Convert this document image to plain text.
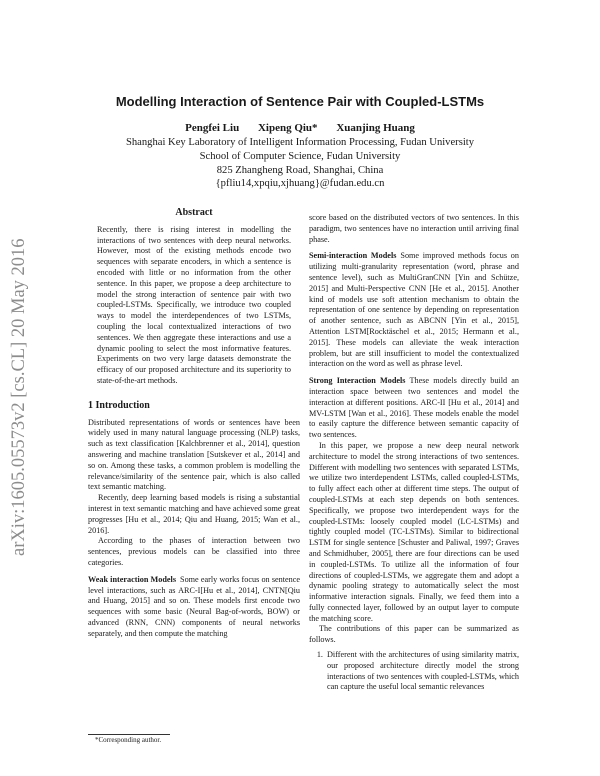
arXiv:1605.05573v2 [cs.CL] 20 May 2016
Modelling Interaction of Sentence Pair with Coupled-LSTMs
Pengfei Liu Xipeng Qiu* Xuanjing Huang
Shanghai Key Laboratory of Intelligent Information Processing, Fudan University
School of Computer Science, Fudan University
825 Zhangheng Road, Shanghai, China
{pfliu14,xpqiu,xjhuang}@fudan.edu.cn
Abstract

Recently, there is rising interest in modelling the interactions of two sentences with deep neural networks. However, most of the existing methods encode two sequences with separate encoders, in which a sentence is encoded with little or no information from the other sentence. In this paper, we propose a deep architecture to model the strong interaction of sentence pair with two coupled-LSTMs. Specifically, we introduce two coupled ways to model the interdependences of two LSTMs, coupling the local contextualized interactions of two sentences. We then aggregate these interactions and use a dynamic pooling to select the most informative features. Experiments on two very large datasets demonstrate the efficacy of our proposed architecture and its superiority to state-of-the-art methods.

1 Introduction

Distributed representations of words or sentences have been widely used in many natural language processing (NLP) tasks, such as text classification [Kalchbrenner et al., 2014], question answering and machine translation [Sutskever et al., 2014] and so on. Among these tasks, a common problem is modelling the relevance/similarity of the sentence pair, which is also called text semantic matching.

Recently, deep learning based models is rising a substantial interest in text semantic matching and have achieved some great progresses [Hu et al., 2014; Qiu and Huang, 2015; Wan et al., 2016].

According to the phases of interaction between two sentences, previous models can be classified into three categories.

Weak interaction Models Some early works focus on sentence level interactions, such as ARC-I[Hu et al., 2014], CNTN[Qiu and Huang, 2015] and so on. These models first encode two sequences with some basic (Neural Bag-of-words, BOW) or advanced (RNN, CNN) components of neural networks separately, and then compute the matching

*Corresponding author.

score based on the distributed vectors of two sentences. In this paradigm, two sentences have no interaction until arriving final phase.

Semi-interaction Models Some improved methods focus on utilizing multi-granularity representation (word, phrase and sentence level), such as MultiGranCNN [Yin and Schütze, 2015] and Multi-Perspective CNN [He et al., 2015]. Another kind of models use soft attention mechanism to obtain the representation of one sentence by depending on representation of another sentence, such as ABCNN [Yin et al., 2015], Attention LSTM[Rocktäschel et al., 2015; Hermann et al., 2015]. These models can alleviate the weak interaction problem, but are still insufficient to model the contextualized interaction on the word as well as phrase level.

Strong Interaction Models These models directly build an interaction space between two sentences and model the interaction at different positions. ARC-II [Hu et al., 2014] and MV-LSTM [Wan et al., 2016]. These models enable the model to easily capture the difference between semantic capacity of two sentences.

In this paper, we propose a new deep neural network architecture to model the strong interactions of two sentences. Different with modelling two sentences with separated LSTMs, we utilize two interdependent LSTMs, called coupled-LSTMs, to fully affect each other at different time steps. The output of coupled-LSTMs at each step depends on both sentences. Specifically, we propose two interdependent ways for the coupled-LSTMs: loosely coupled model (LC-LSTMs) and tightly coupled model (TC-LSTMs). Similar to bidirectional LSTM for single sentence [Schuster and Paliwal, 1997; Graves and Schmidhuber, 2005], there are four directions can be used in coupled-LSTMs. To utilize all the information of four directions of coupled-LSTMs, we aggregate them and adopt a dynamic pooling strategy to automatically select the most informative interaction signals. Finally, we feed them into a fully connected layer, followed by an output layer to compute the matching score.

The contributions of this paper can be summarized as follows.

1. Different with the architectures of using similarity matrix, our proposed architecture directly model the strong interactions of two sentences with coupled-LSTMs, which can capture the useful local semantic relevances
